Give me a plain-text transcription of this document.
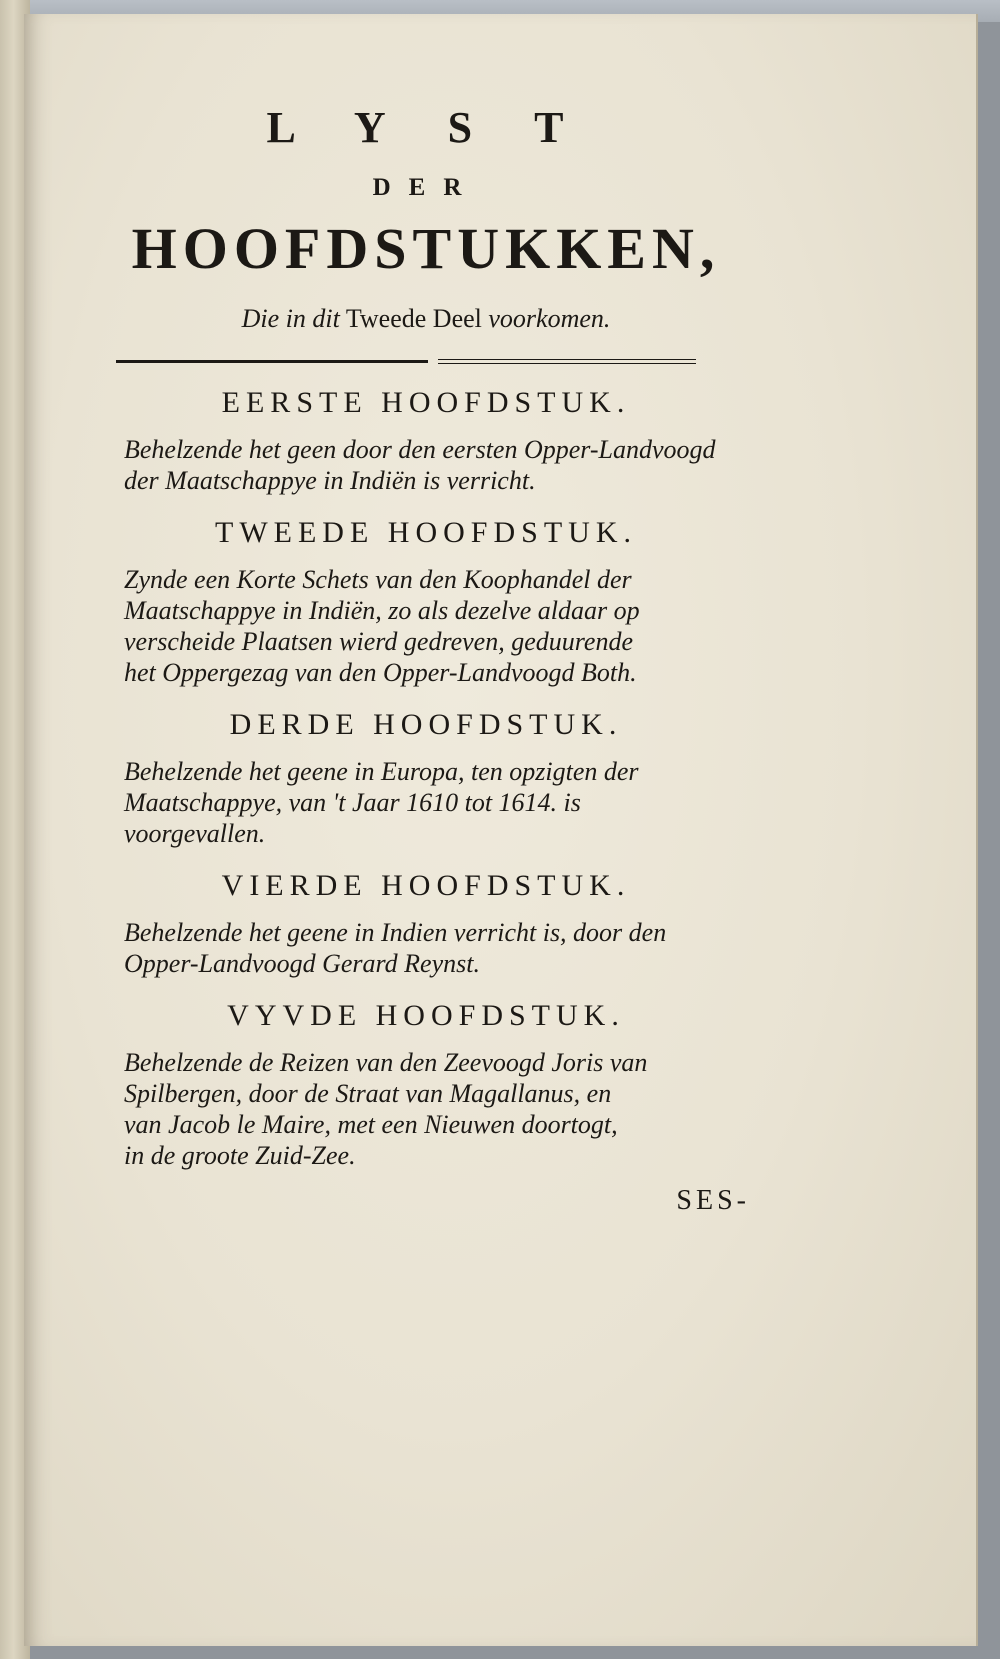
LYST
DER
HOOFDSTUKKEN,
Die in dit Tweede Deel voorkomen.
EERSTE HOOFDSTUK.
Behelzende het geen door den eersten Opper-Landvoogd
der Maatschappye in Indiën is verricht.
TWEEDE HOOFDSTUK.
Zynde een Korte Schets van den Koophandel der
Maatschappye in Indiën, zo als dezelve aldaar op
verscheide Plaatsen wierd gedreven, geduurende
het Oppergezag van den Opper-Landvoogd Both.
DERDE HOOFDSTUK.
Behelzende het geene in Europa, ten opzigten der
Maatschappye, van 't Jaar 1610 tot 1614. is
voorgevallen.
VIERDE HOOFDSTUK.
Behelzende het geene in Indien verricht is, door den
Opper-Landvoogd Gerard Reynst.
VYVDE HOOFDSTUK.
Behelzende de Reizen van den Zeevoogd Joris van
Spilbergen, door de Straat van Magallanus, en
van Jacob le Maire, met een Nieuwen doortogt,
in de groote Zuid-Zee.
SES-
